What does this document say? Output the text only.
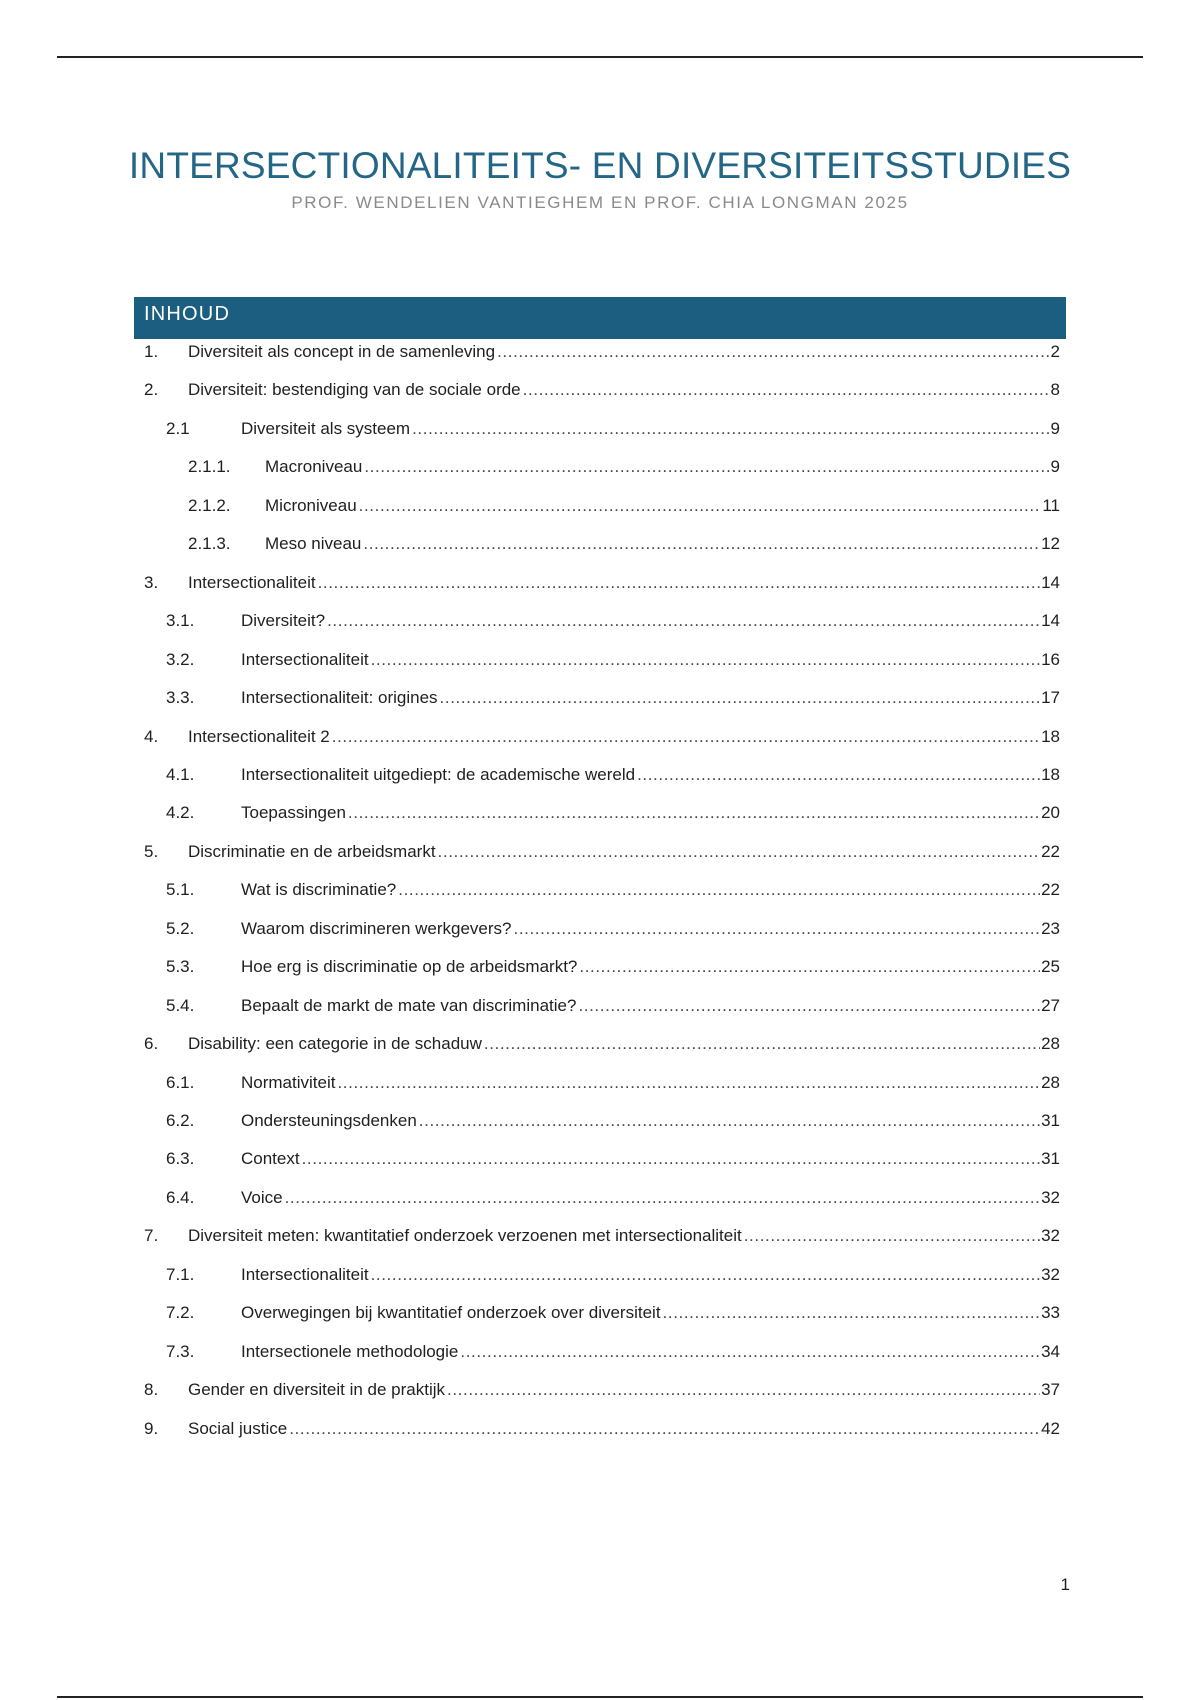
INTERSECTIONALITEITS- EN DIVERSITEITSSTUDIES
PROF. WENDELIEN VANTIEGHEM EN PROF. CHIA LONGMAN 2025
INHOUD
1.	Diversiteit als concept in de samenleving .....	2
2.	Diversiteit: bestendiging van de sociale orde .....	8
2.1	Diversiteit als systeem .....	9
2.1.1.	Macroniveau .....	9
2.1.2.	Microniveau .....	11
2.1.3.	Meso niveau .....	12
3.	Intersectionaliteit .....	14
3.1.	Diversiteit? .....	14
3.2.	Intersectionaliteit .....	16
3.3.	Intersectionaliteit: origines .....	17
4.	Intersectionaliteit 2 .....	18
4.1.	Intersectionaliteit uitgediept: de academische wereld .....	18
4.2.	Toepassingen .....	20
5.	Discriminatie en de arbeidsmarkt .....	22
5.1.	Wat is discriminatie? .....	22
5.2.	Waarom discrimineren werkgevers? .....	23
5.3.	Hoe erg is discriminatie op de arbeidsmarkt? .....	25
5.4.	Bepaalt de markt de mate van discriminatie? .....	27
6.	Disability: een categorie in de schaduw .....	28
6.1.	Normativiteit .....	28
6.2.	Ondersteuningsdenken .....	31
6.3.	Context .....	31
6.4.	Voice .....	32
7.	Diversiteit meten: kwantitatief onderzoek verzoenen met intersectionaliteit .....	32
7.1.	Intersectionaliteit .....	32
7.2.	Overwegingen bij kwantitatief onderzoek over diversiteit .....	33
7.3.	Intersectionele methodologie .....	34
8.	Gender en diversiteit in de praktijk .....	37
9.	Social justice .....	42
1
